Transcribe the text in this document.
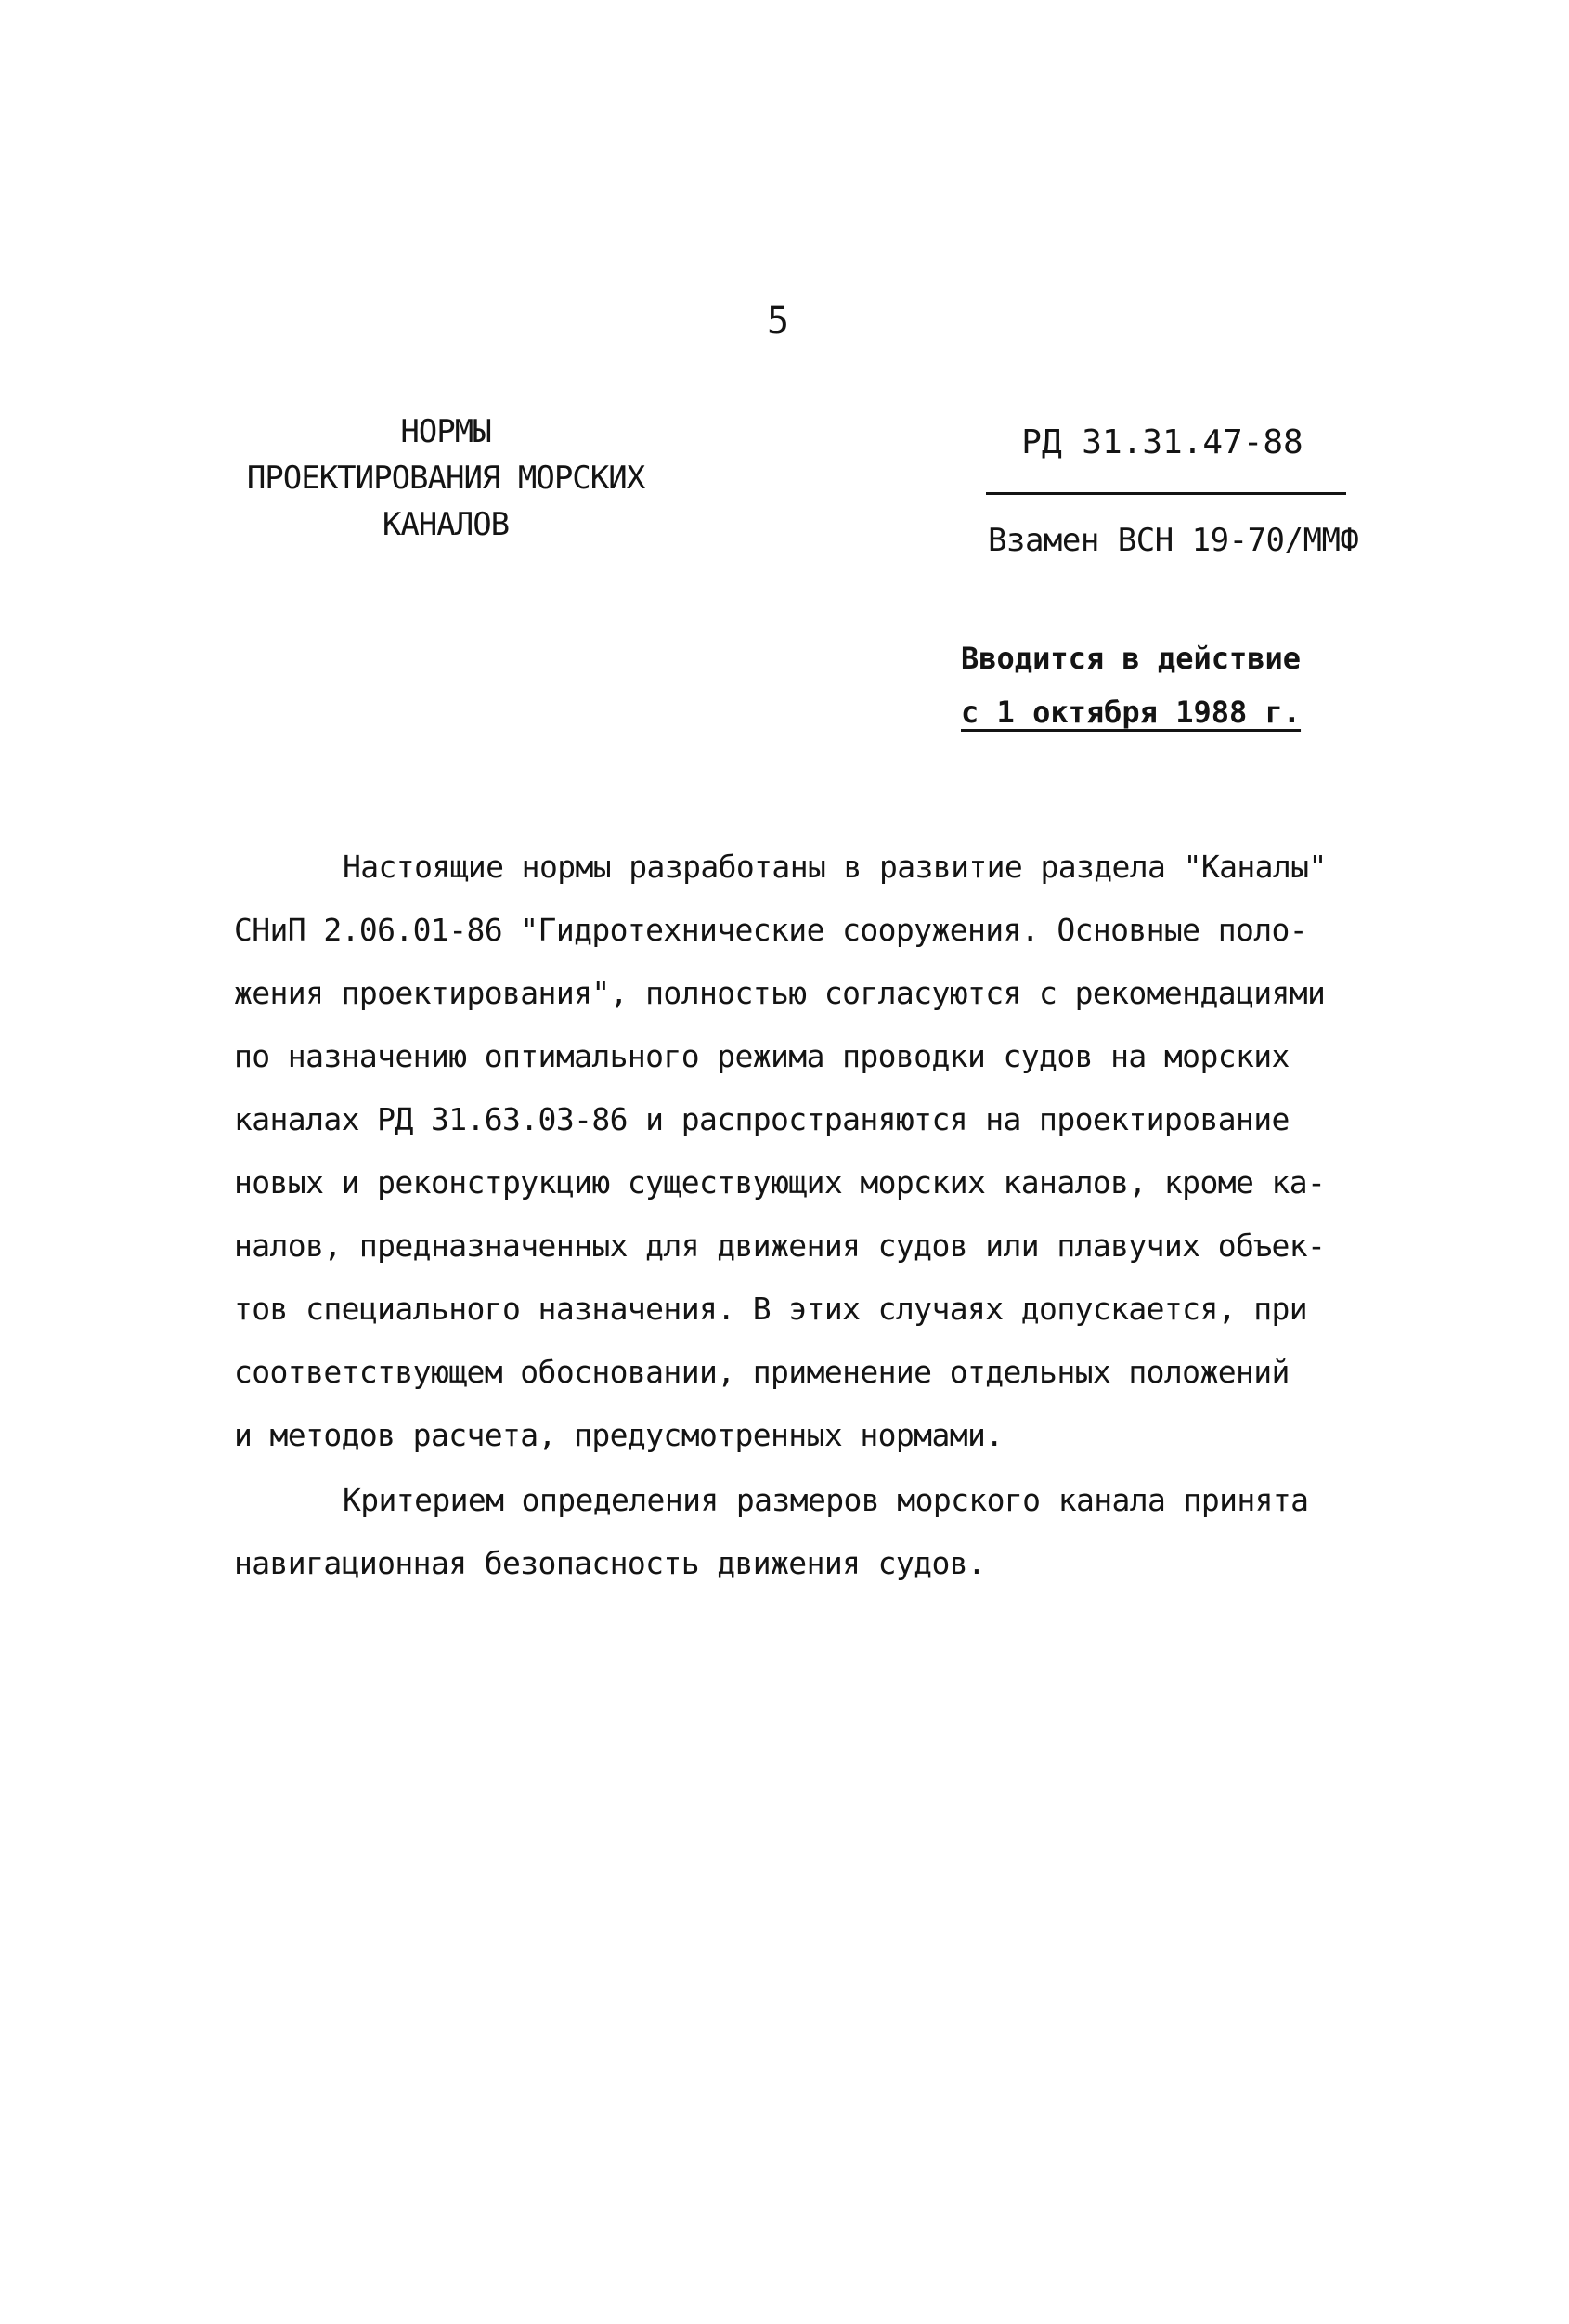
5
НОРМЫ
ПРОЕКТИРОВАНИЯ МОРСКИХ
КАНАЛОВ
РД 31.31.47-88
Взамен ВСН 19-70/ММФ
Вводится в действие
с 1 октября 1988 г.
Настоящие нормы разработаны в развитие раздела "Каналы"
СНиП 2.06.01-86 "Гидротехнические сооружения. Основные поло-
жения проектирования", полностью согласуются с рекомендациями
по назначению оптимального режима проводки судов на морских
каналах РД 31.63.03-86 и распространяются на проектирование
новых и реконструкцию существующих морских каналов, кроме ка-
налов, предназначенных для движения судов или плавучих объек-
тов специального назначения. В этих случаях допускается, при
соответствующем обосновании, применение отдельных положений
и методов расчета, предусмотренных нормами.
Критерием определения размеров морского канала принята
навигационная безопасность движения судов.
